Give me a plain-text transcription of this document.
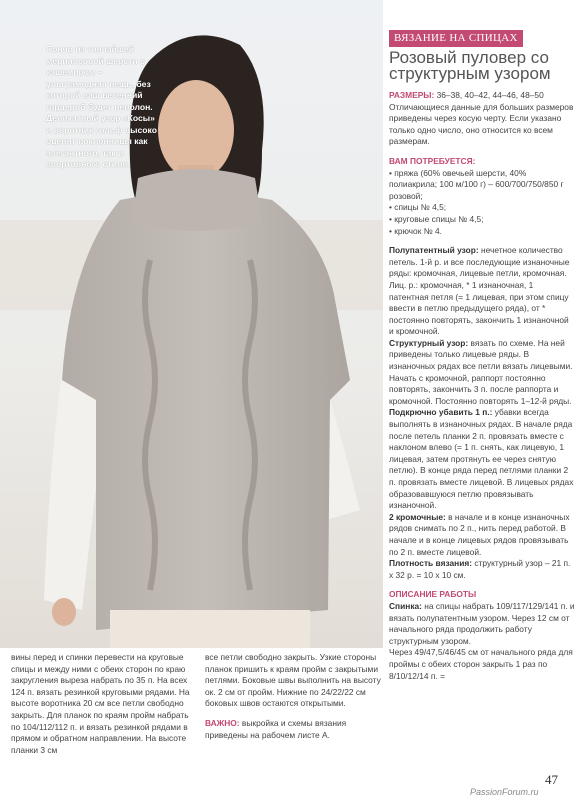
Пончо из тончайшей мериносовой шерсти с кашемиром – ультрамодная вещь, без которой ваш весенний гардероб будет неполон. Деликатный узор «Косы» и воротник гольф высоко оценят поклонницы как элегантного, так и спортивного стиля.
ВЯЗАНИЕ НА СПИЦАХ
Розовый пуловер со структурным узором

РАЗМЕРЫ: 36–38, 40–42, 44–46, 48–50

Отличающиеся данные для больших размеров приведены через косую черту. Если указано только одно число, оно относится ко всем размерам.

ВАМ ПОТРЕБУЕТСЯ:
• пряжа (60% овечьей шерсти, 40% полиакрила; 100 м/100 г) – 600/700/750/850 г розовой;
• спицы № 4,5;
• круговые спицы № 4,5;
• крючок № 4.

Полупатентный узор: нечетное количество петель. 1-й р. и все последующие изнаночные ряды: кромочная, лицевые петли, кромочная. Лиц. р.: кромочная, * 1 изнаночная, 1 патентная петля (= 1 лицевая, при этом спицу ввести в петлю предыдущего ряда), от * постоянно повторять, закончить 1 изнаночной и кромочной.

Структурный узор: вязать по схеме. На ней приведены только лицевые ряды. В изнаночных рядах все петли вязать лицевыми. Начать с кромочной, раппорт постоянно повторять, закончить 3 п. после раппорта и кромочной. Постоянно повторять 1–12-й ряды.

Подкрючно убавить 1 п.: убавки всегда выполнять в изнаночных рядах. В начале ряда после петель планки 2 п. провязать вместе с наклоном влево (= 1 п. снять, как лицевую, 1 лицевая, затем протянуть ее через снятую петлю). В конце ряда перед петлями планки 2 п. провязать вместе лицевой. В лицевых рядах образовавшуюся петлю провязывать изнаночной.

2 кромочные: в начале и в конце изнаночных рядов снимать по 2 п., нить перед работой. В начале и в конце лицевых рядов провязывать по 2 п. вместе лицевой.

Плотность вязания: структурный узор – 21 п. x 32 р. = 10 x 10 см.

ОПИСАНИЕ РАБОТЫ

Спинка: на спицы набрать 109/117/129/141 п. и вязать полупатентным узором. Через 12 см от начального ряда продолжить работу структурным узором.

Через 49/47,5/46/45 см от начального ряда для проймы с обеих сторон закрыть 1 раз по 8/10/12/14 п. =

вины перед и спинки перевести на круговые спицы и между ними с обеих сторон по краю закругления выреза набрать по 35 п. На всех 124 п. вязать резинкой круговыми рядами. На высоте воротника 20 см все петли свободно закрыть. Для планок по краям пройм набрать по 104/112/112 п. и вязать резинкой рядами в прямом и обратном направлении. На высоте планки 3 см

все петли свободно закрыть. Узкие стороны планок пришить к краям пройм с закрытыми петлями. Боковые швы выполнить на высоту ок. 2 см от пройм. Нижние по 24/22/22 см боковых швов остаются открытыми.

ВАЖНО: выкройка и схемы вязания приведены на рабочем листе А.

47
PassionForum.ru
